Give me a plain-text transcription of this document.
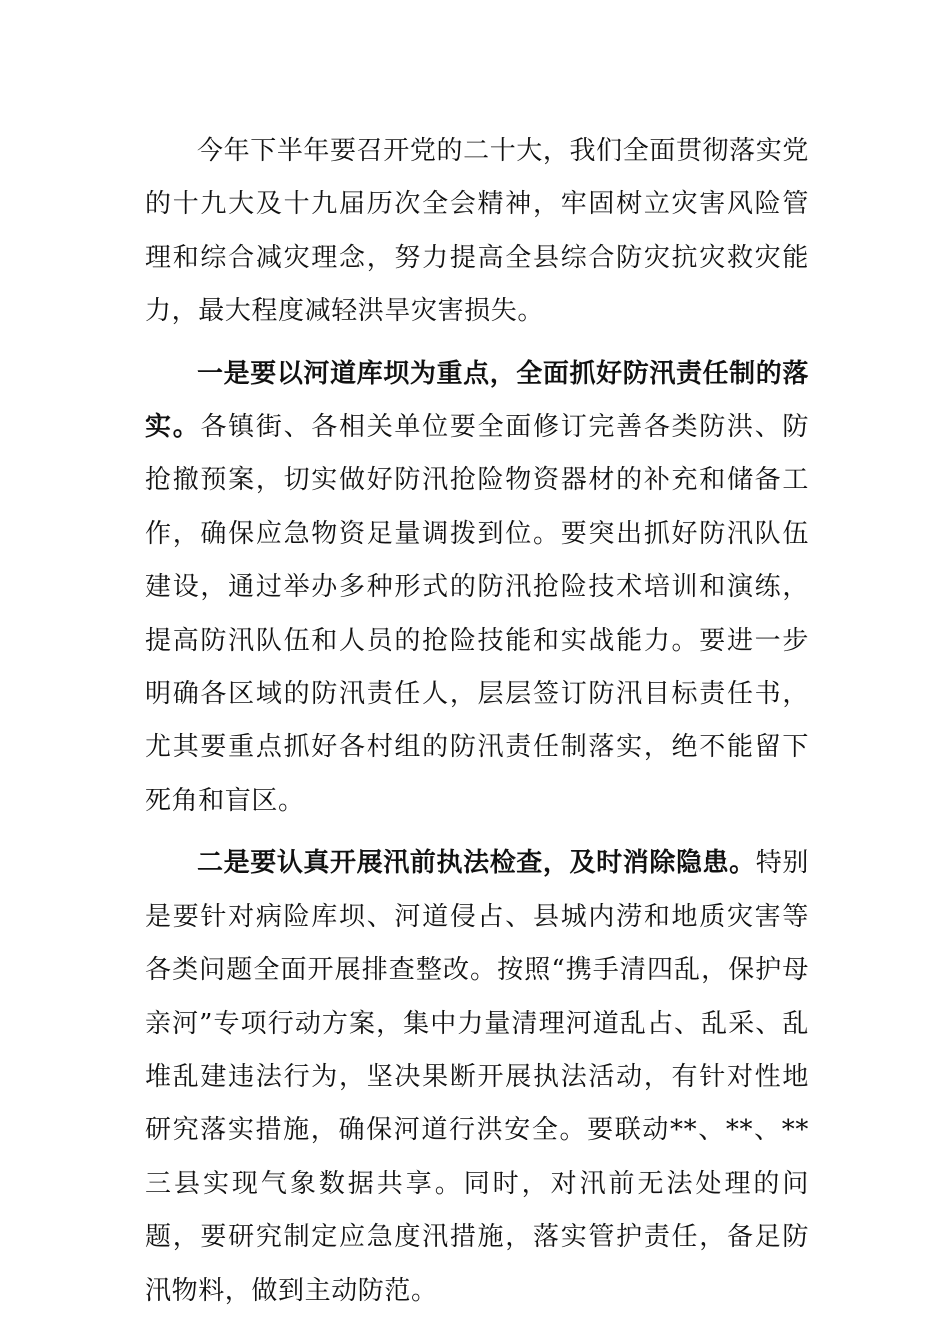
今年下半年要召开党的二十大，我们全面贯彻落实党的十九大及十九届历次全会精神，牢固树立灾害风险管理和综合减灾理念，努力提高全县综合防灾抗灾救灾能力，最大程度减轻洪旱灾害损失。

一是要以河道库坝为重点，全面抓好防汛责任制的落实。各镇街、各相关单位要全面修订完善各类防洪、防抢撤预案，切实做好防汛抢险物资器材的补充和储备工作，确保应急物资足量调拨到位。要突出抓好防汛队伍建设，通过举办多种形式的防汛抢险技术培训和演练，提高防汛队伍和人员的抢险技能和实战能力。要进一步明确各区域的防汛责任人，层层签订防汛目标责任书，尤其要重点抓好各村组的防汛责任制落实，绝不能留下死角和盲区。

二是要认真开展汛前执法检查，及时消除隐患。特别是要针对病险库坝、河道侵占、县城内涝和地质灾害等各类问题全面开展排查整改。按照“携手清四乱，保护母亲河”专项行动方案，集中力量清理河道乱占、乱采、乱堆乱建违法行为，坚决果断开展执法活动，有针对性地研究落实措施，确保河道行洪安全。要联动**、**、**三县实现气象数据共享。同时，对汛前无法处理的问题，要研究制定应急度汛措施，落实管护责任，备足防汛物料，做到主动防范。
